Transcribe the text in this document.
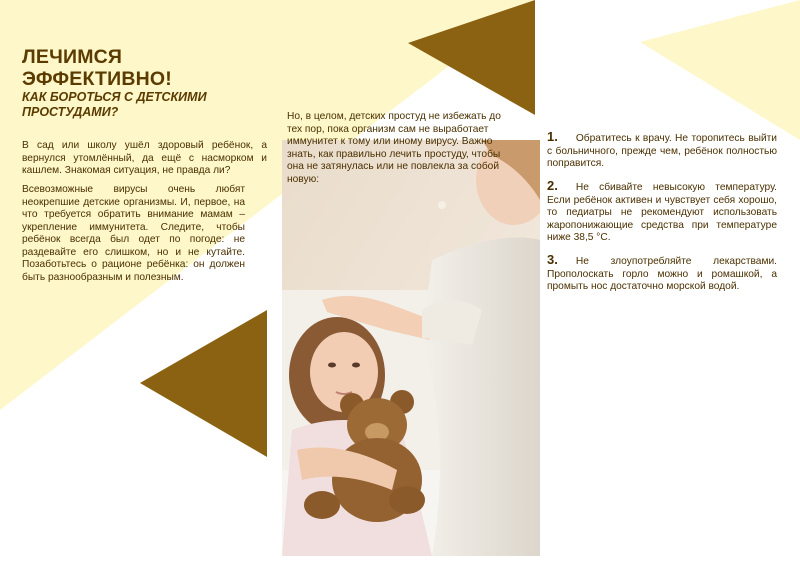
ЛЕЧИМСЯ
ЭФФЕКТИВНО!
КАК БОРОТЬСЯ С ДЕТСКИМИ ПРОСТУДАМИ?
В сад или школу ушёл здоровый ребёнок, а вернулся утомлённый, да ещё с насморком и кашлем. Знакомая ситуация, не правда ли?
Всевозможные вирусы очень любят неокрепшие детские организмы. И, первое, на что требуется обратить внимание мамам – укрепление иммунитета. Следите, чтобы ребёнок всегда был одет по погоде: не раздевайте его слишком, но и не кутайте. Позаботьтесь о рационе ребёнка: он должен быть разнообразным и полезным.
Но, в целом, детских простуд не избежать до тех пор, пока организм сам не выработает иммунитет к тому или иному вирусу. Важно знать, как правильно лечить простуду, чтобы она не затянулась или не повлекла за собой новую:
1. Обратитесь к врачу. Не торопитесь выйти с больничного, прежде чем, ребёнок полностью поправится.
2. Не сбивайте невысокую температуру. Если ребёнок активен и чувствует себя хорошо, то педиатры не рекомендуют использовать жаропонижающие средства при температуре ниже 38,5 °С.
3. Не злоупотребляйте лекарствами. Прополоскать горло можно и ромашкой, а промыть нос достаточно морской водой.
